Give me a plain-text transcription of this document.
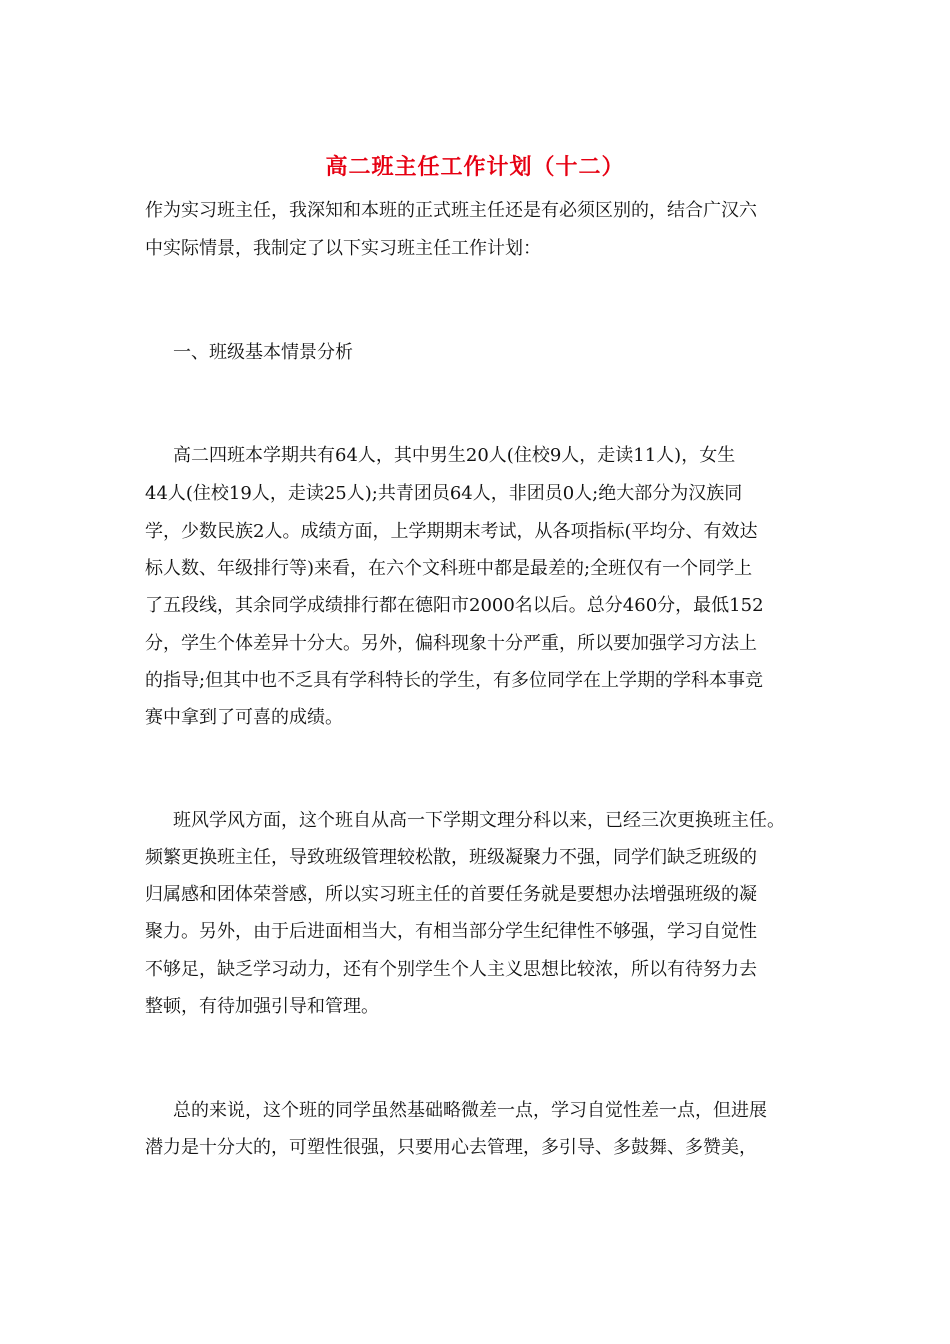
高二班主任工作计划（十二）
作为实习班主任，我深知和本班的正式班主任还是有必须区别的，结合广汉六
中实际情景，我制定了以下实习班主任工作计划：
一、班级基本情景分析
高二四班本学期共有64人，其中男生20人(住校9人，走读11人)，女生
44人(住校19人，走读25人);共青团员64人，非团员0人;绝大部分为汉族同
学，少数民族2人。成绩方面，上学期期末考试，从各项指标(平均分、有效达
标人数、年级排行等)来看，在六个文科班中都是最差的;全班仅有一个同学上
了五段线，其余同学成绩排行都在德阳市2000名以后。总分460分，最低152
分，学生个体差异十分大。另外，偏科现象十分严重，所以要加强学习方法上
的指导;但其中也不乏具有学科特长的学生，有多位同学在上学期的学科本事竞
赛中拿到了可喜的成绩。
班风学风方面，这个班自从高一下学期文理分科以来，已经三次更换班主任。
频繁更换班主任，导致班级管理较松散，班级凝聚力不强，同学们缺乏班级的
归属感和团体荣誉感，所以实习班主任的首要任务就是要想办法增强班级的凝
聚力。另外，由于后进面相当大，有相当部分学生纪律性不够强，学习自觉性
不够足，缺乏学习动力，还有个别学生个人主义思想比较浓，所以有待努力去
整顿，有待加强引导和管理。
总的来说，这个班的同学虽然基础略微差一点，学习自觉性差一点，但进展
潜力是十分大的，可塑性很强，只要用心去管理，多引导、多鼓舞、多赞美，
